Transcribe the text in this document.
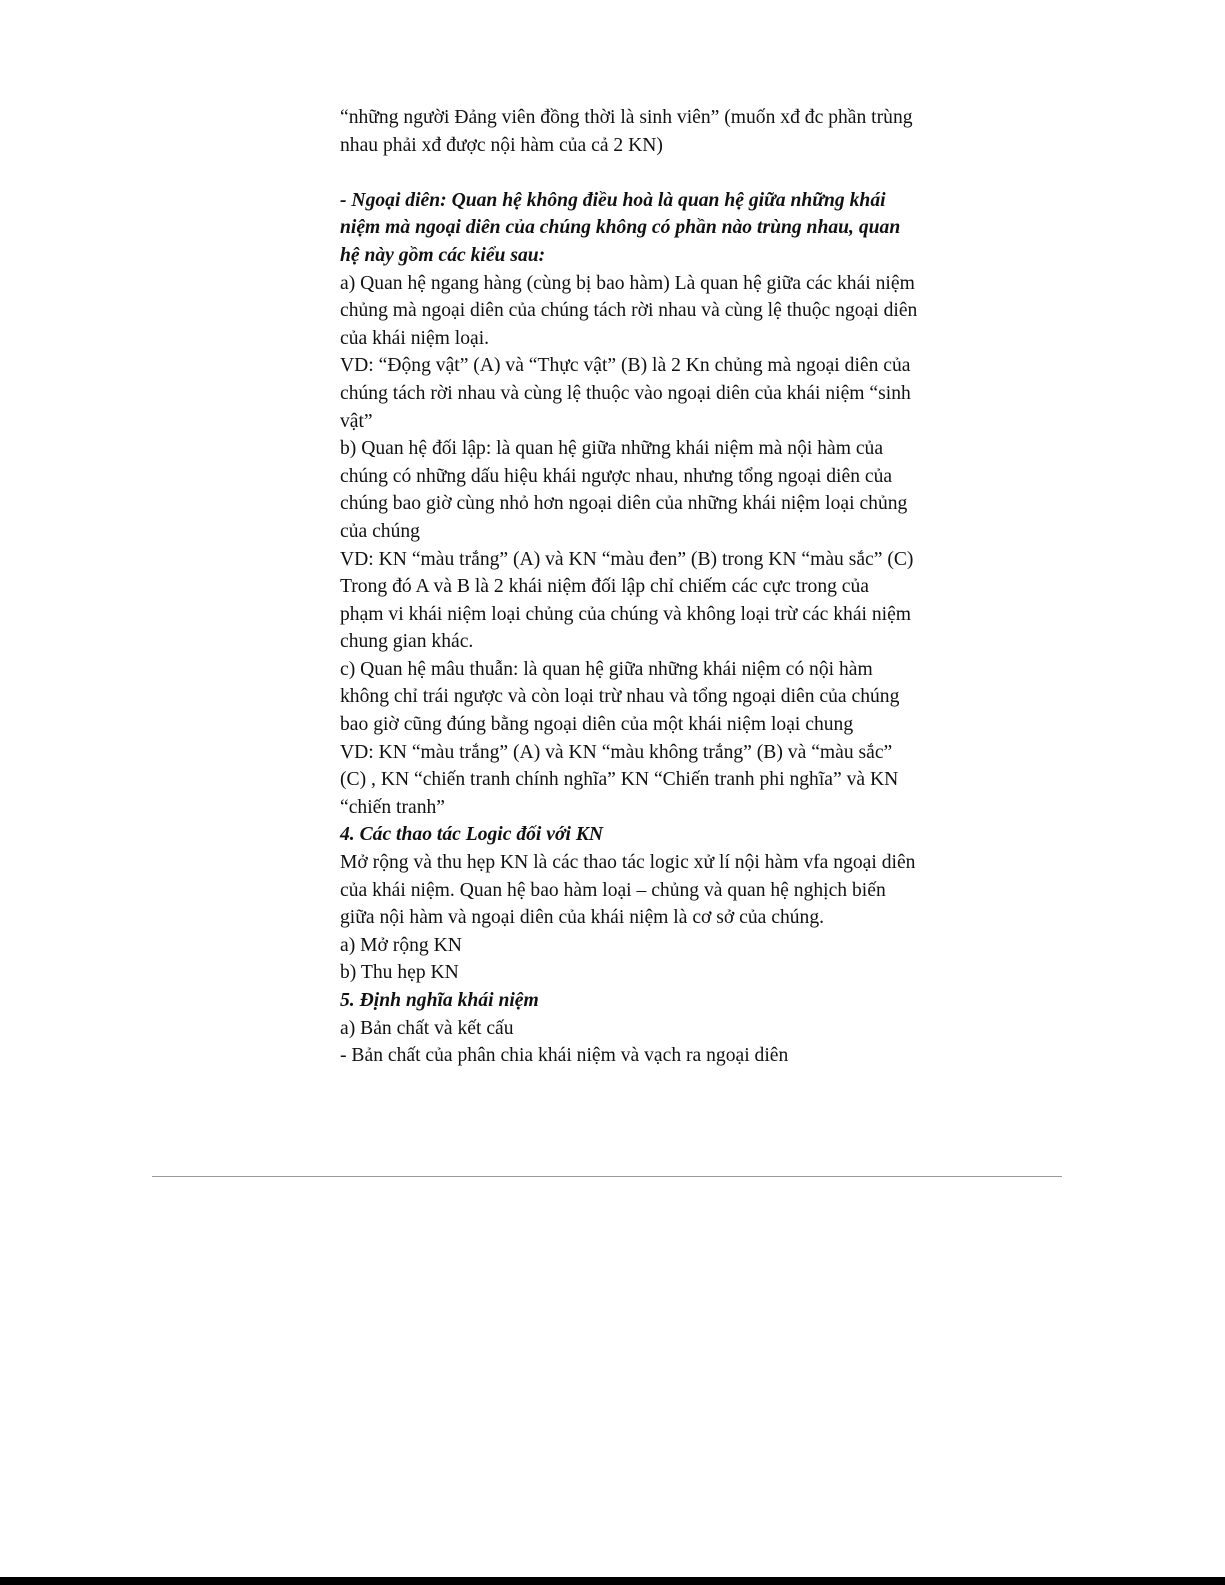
“những người Đảng viên đồng thời là sinh viên” (muốn xđ đc phần trùng

nhau phải xđ được nội hàm của cả 2 KN)

- Ngoại diên: Quan hệ không điều hoà là quan hệ giữa những khái

niệm mà ngoại diên của chúng không có phần nào trùng nhau, quan

hệ này gồm các kiểu sau:

a) Quan hệ ngang hàng (cùng bị bao hàm) Là quan hệ giữa các khái niệm

chủng mà ngoại diên của chúng tách rời nhau và cùng lệ thuộc ngoại diên

của khái niệm loại.

VD: “Động vật” (A) và “Thực vật” (B) là 2 Kn chủng mà ngoại diên của

chúng tách rời nhau và cùng lệ thuộc vào ngoại diên của khái niệm “sinh

vật”

b) Quan hệ đối lập: là quan hệ giữa những khái niệm mà nội hàm của

chúng có những dấu hiệu khái ngược nhau, nhưng tổng ngoại diên của

chúng bao giờ cùng nhỏ hơn ngoại diên của những khái niệm loại chủng

của chúng

VD: KN “màu trắng” (A) và KN “màu đen” (B) trong KN “màu sắc” (C)

Trong đó A và B là 2 khái niệm đối lập chỉ chiếm các cực trong của

phạm vi khái niệm loại chủng của chúng và không loại trừ các khái niệm

chung gian khác.

c) Quan hệ mâu thuẫn: là quan hệ giữa những khái niệm có nội hàm

không chỉ trái ngược và còn loại trừ nhau và tổng ngoại diên của chúng

bao giờ cũng đúng bằng ngoại diên của một khái niệm loại chung

VD: KN “màu trắng” (A) và KN “màu không trắng” (B) và “màu sắc”

(C) , KN “chiến tranh chính nghĩa” KN “Chiến tranh phi nghĩa” và KN

“chiến tranh”

4. Các thao tác Logic đối với KN

Mở rộng và thu hẹp KN là các thao tác logic xử lí nội hàm vfa ngoại diên

của khái niệm. Quan hệ bao hàm loại – chủng và quan hệ nghịch biến

giữa nội hàm và ngoại diên của khái niệm là cơ sở của chúng.

a) Mở rộng KN

b) Thu hẹp KN

5. Định nghĩa khái niệm

a) Bản chất và kết cấu

- Bản chất của phân chia khái niệm và vạch ra ngoại diên
